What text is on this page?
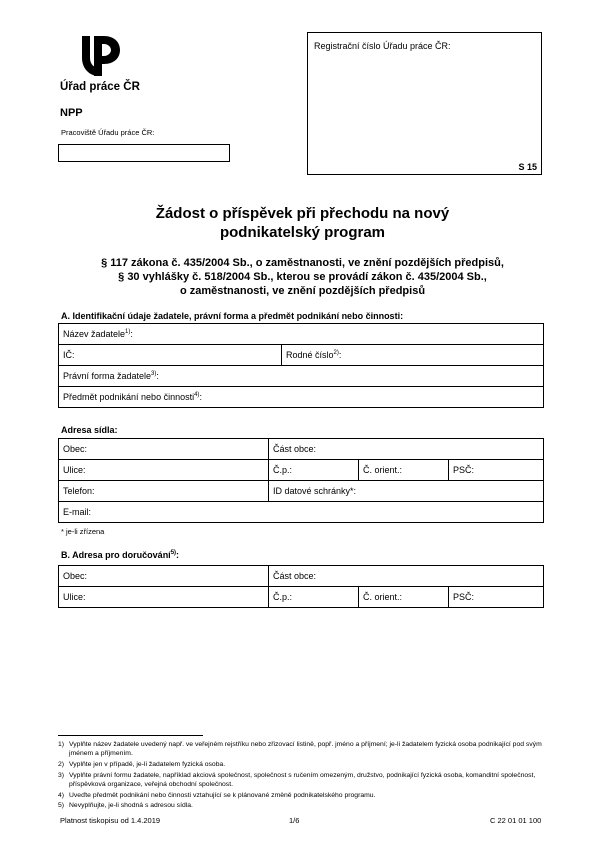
Úřad práce ČR
NPP
Pracoviště Úřadu práce ČR:
Registrační číslo Úřadu práce ČR:
S 15
Žádost o příspěvek při přechodu na nový
podnikatelský program
§ 117 zákona č. 435/2004 Sb., o zaměstnanosti, ve znění pozdějších předpisů,
§ 30 vyhlášky č. 518/2004 Sb., kterou se provádí zákon č. 435/2004 Sb.,
o zaměstnanosti, ve znění pozdějších předpisů
A. Identifikační údaje žadatele, právní forma a předmět podnikání nebo činnosti:
Název žadatele$^{1)}$:
IČ:	Rodné číslo$^{2)}$:
Právní forma žadatele$^{3)}$:
Předmět podnikání nebo činnosti$^{4)}$:
Adresa sídla:
Obec:	Část obce:		
Ulice:	Č.p.:	Č. orient.:	PSČ:
Telefon:	ID datové schránky*:		
E-mail:			
* je-li zřízena
B. Adresa pro doručování$^{5)}$:
Obec:	Část obce:		
Ulice:	Č.p.:	Č. orient.:	PSČ:
1) Vyplňte název žadatele uvedený např. ve veřejném rejstříku nebo zřizovací listině, popř. jméno a příjmení; je-li žadatelem fyzická osoba podnikající pod svým jménem a příjmením.
2) Vyplňte jen v případě, je-li žadatelem fyzická osoba.
3) Vyplňte právní formu žadatele, například akciová společnost, společnost s ručením omezeným, družstvo, podnikající fyzická osoba, komanditní společnost, příspěvková organizace, veřejná obchodní společnost.
4) Uveďte předmět podnikání nebo činnosti vztahující se k plánované změně podnikatelského programu.
5) Nevyplňujte, je-li shodná s adresou sídla.
Platnost tiskopisu od 1.4.2019	1/6	C 22 01 01 100
